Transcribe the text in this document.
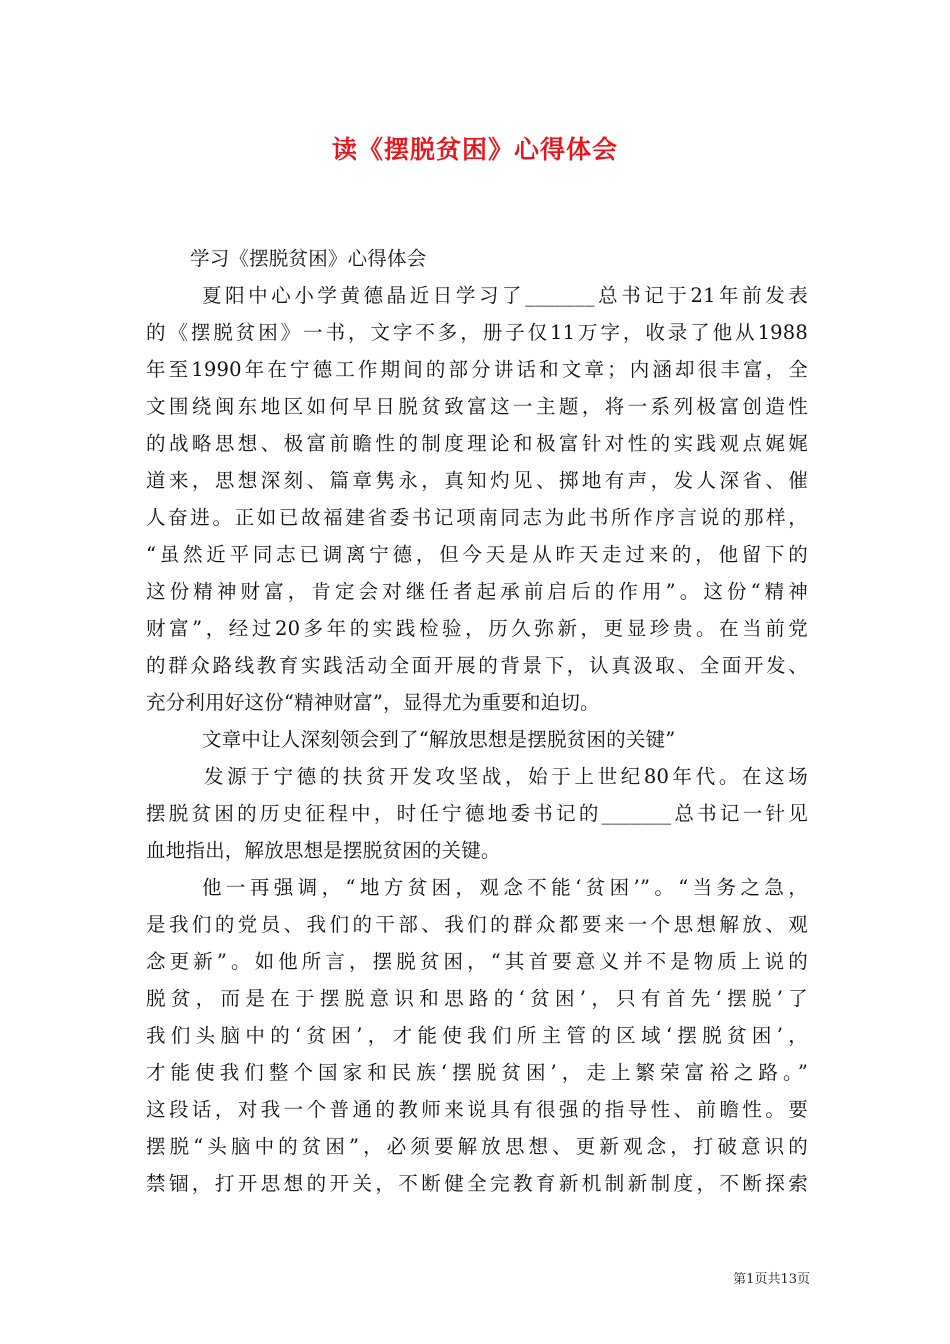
读《摆脱贫困》心得体会
学习《摆脱贫困》心得体会
夏阳中心小学黄德晶近日学习了_______总书记于21年前发表
的《摆脱贫困》一书，文字不多，册子仅11万字，收录了他从1988
年至1990年在宁德工作期间的部分讲话和文章；内涵却很丰富，全
文围绕闽东地区如何早日脱贫致富这一主题，将一系列极富创造性
的战略思想、极富前瞻性的制度理论和极富针对性的实践观点娓娓
道来，思想深刻、篇章隽永，真知灼见、掷地有声，发人深省、催
人奋进。正如已故福建省委书记项南同志为此书所作序言说的那样，
“虽然近平同志已调离宁德，但今天是从昨天走过来的，他留下的
这份精神财富，肯定会对继任者起承前启后的作用”。这份“精神
财富”，经过20多年的实践检验，历久弥新，更显珍贵。在当前党
的群众路线教育实践活动全面开展的背景下，认真汲取、全面开发、
充分利用好这份“精神财富”，显得尤为重要和迫切。
文章中让人深刻领会到了“解放思想是摆脱贫困的关键”
发源于宁德的扶贫开发攻坚战，始于上世纪80年代。在这场
摆脱贫困的历史征程中，时任宁德地委书记的_______总书记一针见
血地指出，解放思想是摆脱贫困的关键。
他一再强调，“地方贫困，观念不能‘贫困’”。“当务之急，
是我们的党员、我们的干部、我们的群众都要来一个思想解放、观
念更新”。如他所言，摆脱贫困，“其首要意义并不是物质上说的
脱贫，而是在于摆脱意识和思路的‘贫困’，只有首先‘摆脱’了
我们头脑中的‘贫困’，才能使我们所主管的区域‘摆脱贫困’，
才能使我们整个国家和民族‘摆脱贫困’，走上繁荣富裕之路。”
这段话，对我一个普通的教师来说具有很强的指导性、前瞻性。要
摆脱“头脑中的贫困”，必须要解放思想、更新观念，打破意识的
禁锢，打开思想的开关，不断健全完教育新机制新制度，不断探索
第1页共13页
